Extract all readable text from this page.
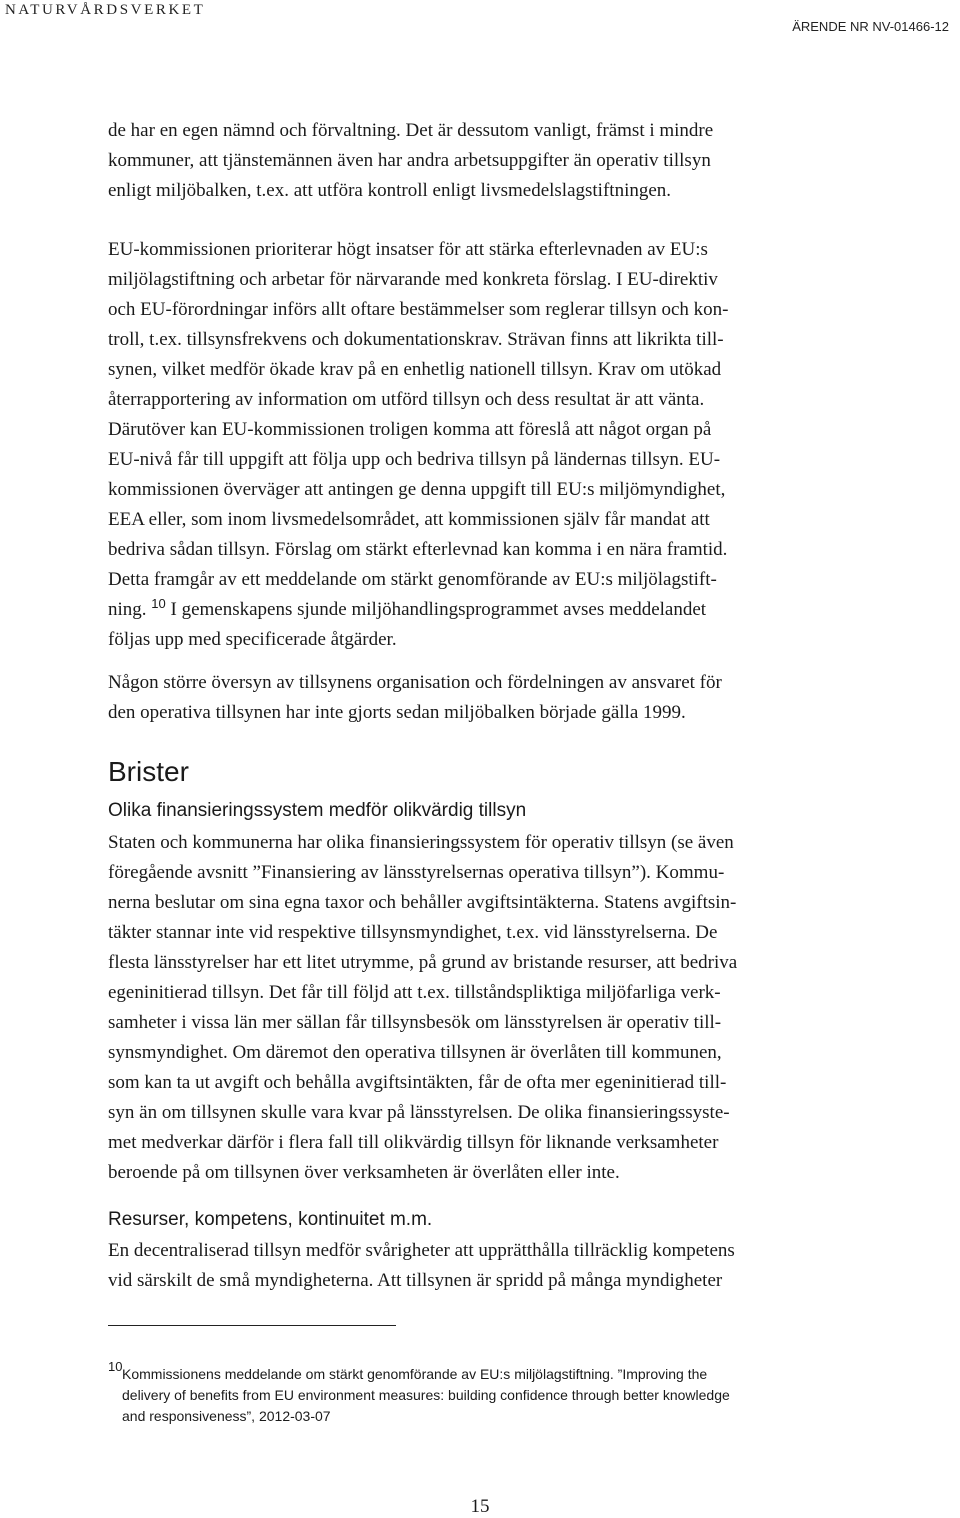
NATURVÅRDSVERKET
ÄRENDE NR NV-01466-12

de har en egen nämnd och förvaltning. Det är dessutom vanligt, främst i mindre
kommuner, att tjänstemännen även har andra arbetsuppgifter än operativ tillsyn
enligt miljöbalken, t.ex. att utföra kontroll enligt livsmedelslagstiftningen.

EU-kommissionen prioriterar högt insatser för att stärka efterlevnaden av EU:s
miljölagstiftning och arbetar för närvarande med konkreta förslag. I EU-direktiv
och EU-förordningar införs allt oftare bestämmelser som reglerar tillsyn och kon-
troll, t.ex. tillsynsfrekvens och dokumentationskrav. Strävan finns att likrikta till-
synen, vilket medför ökade krav på en enhetlig nationell tillsyn. Krav om utökad
återrapportering av information om utförd tillsyn och dess resultat är att vänta.
Därutöver kan EU-kommissionen troligen komma att föreslå att något organ på
EU-nivå får till uppgift att följa upp och bedriva tillsyn på ländernas tillsyn. EU-
kommissionen överväger att antingen ge denna uppgift till EU:s miljömyndighet,
EEA eller, som inom livsmedelsområdet, att kommissionen själv får mandat att
bedriva sådan tillsyn. Förslag om stärkt efterlevnad kan komma i en nära framtid.
Detta framgår av ett meddelande om stärkt genomförande av EU:s miljölagstift-
ning. $^{10}$ I gemenskapens sjunde miljöhandlingsprogrammet avses meddelandet
följas upp med specificerade åtgärder.

Någon större översyn av tillsynens organisation och fördelningen av ansvaret för
den operativa tillsynen har inte gjorts sedan miljöbalken började gälla 1999.

Brister
Olika finansieringssystem medför olikvärdig tillsyn

Staten och kommunerna har olika finansieringssystem för operativ tillsyn (se även
föregående avsnitt ”Finansiering av länsstyrelsernas operativa tillsyn”). Kommu-
nerna beslutar om sina egna taxor och behåller avgiftsintäkterna. Statens avgiftsin-
täkter stannar inte vid respektive tillsynsmyndighet, t.ex. vid länsstyrelserna. De
flesta länsstyrelser har ett litet utrymme, på grund av bristande resurser, att bedriva
egeninitierad tillsyn. Det får till följd att t.ex. tillståndspliktiga miljöfarliga verk-
samheter i vissa län mer sällan får tillsynsbesök om länsstyrelsen är operativ till-
synsmyndighet. Om däremot den operativa tillsynen är överlåten till kommunen,
som kan ta ut avgift och behålla avgiftsintäkten, får de ofta mer egeninitierad till-
syn än om tillsynen skulle vara kvar på länsstyrelsen. De olika finansieringssyste-
met medverkar därför i flera fall till olikvärdig tillsyn för liknande verksamheter
beroende på om tillsynen över verksamheten är överlåten eller inte.

Resurser, kompetens, kontinuitet m.m.

En decentraliserad tillsyn medför svårigheter att upprätthålla tillräcklig kompetens
vid särskilt de små myndigheterna. Att tillsynen är spridd på många myndigheter

10 Kommissionens meddelande om stärkt genomförande av EU:s miljölagstiftning. ”Improving the
delivery of benefits from EU environment measures: building confidence through better knowledge
and responsiveness”, 2012-03-07
15
